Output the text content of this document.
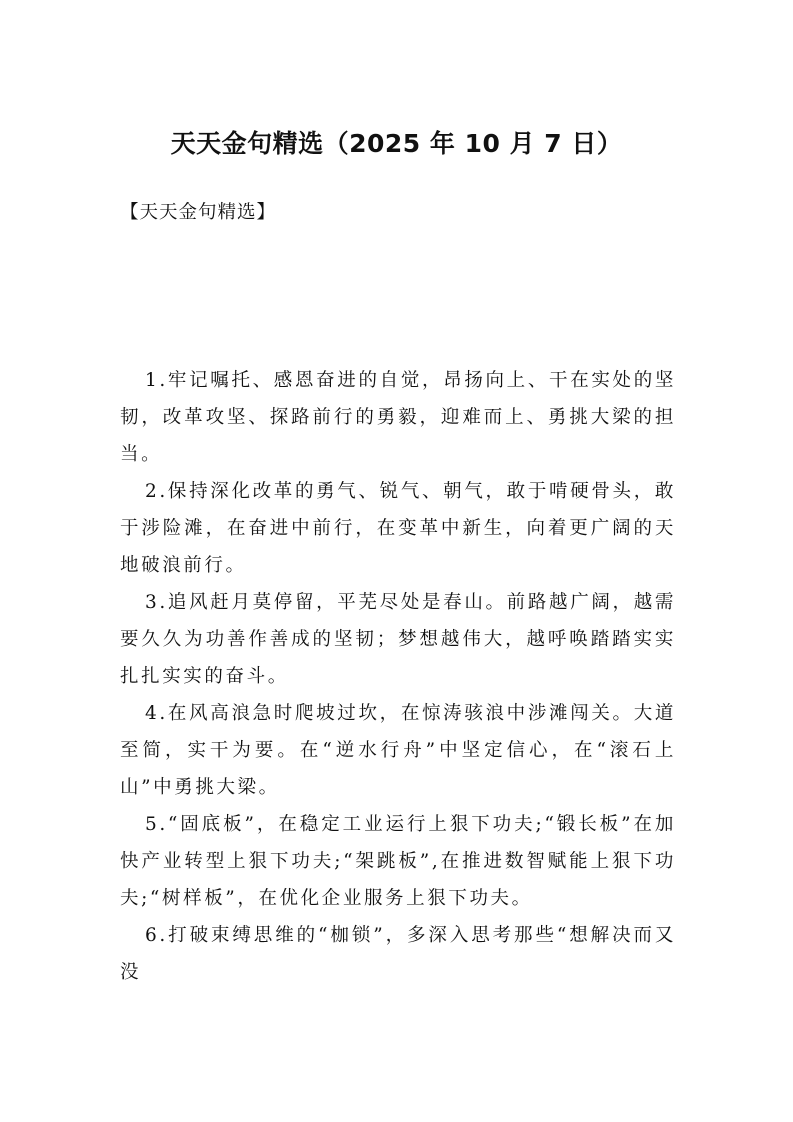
天天金句精选（2025 年 10 月 7 日）

【天天金句精选】

1.牢记嘱托、感恩奋进的自觉，昂扬向上、干在实处的坚韧，改革攻坚、探路前行的勇毅，迎难而上、勇挑大梁的担当。

2.保持深化改革的勇气、锐气、朝气，敢于啃硬骨头，敢于涉险滩，在奋进中前行，在变革中新生，向着更广阔的天地破浪前行。

3.追风赶月莫停留，平芜尽处是春山。前路越广阔，越需要久久为功善作善成的坚韧；梦想越伟大，越呼唤踏踏实实扎扎实实的奋斗。

4.在风高浪急时爬坡过坎，在惊涛骇浪中涉滩闯关。大道至简，实干为要。在“逆水行舟”中坚定信心，在“滚石上山”中勇挑大梁。

5.“固底板”，在稳定工业运行上狠下功夫;“锻长板”在加快产业转型上狠下功夫;“架跳板”,在推进数智赋能上狠下功夫;“树样板”，在优化企业服务上狠下功夫。

6.打破束缚思维的“枷锁”，多深入思考那些“想解决而又没
